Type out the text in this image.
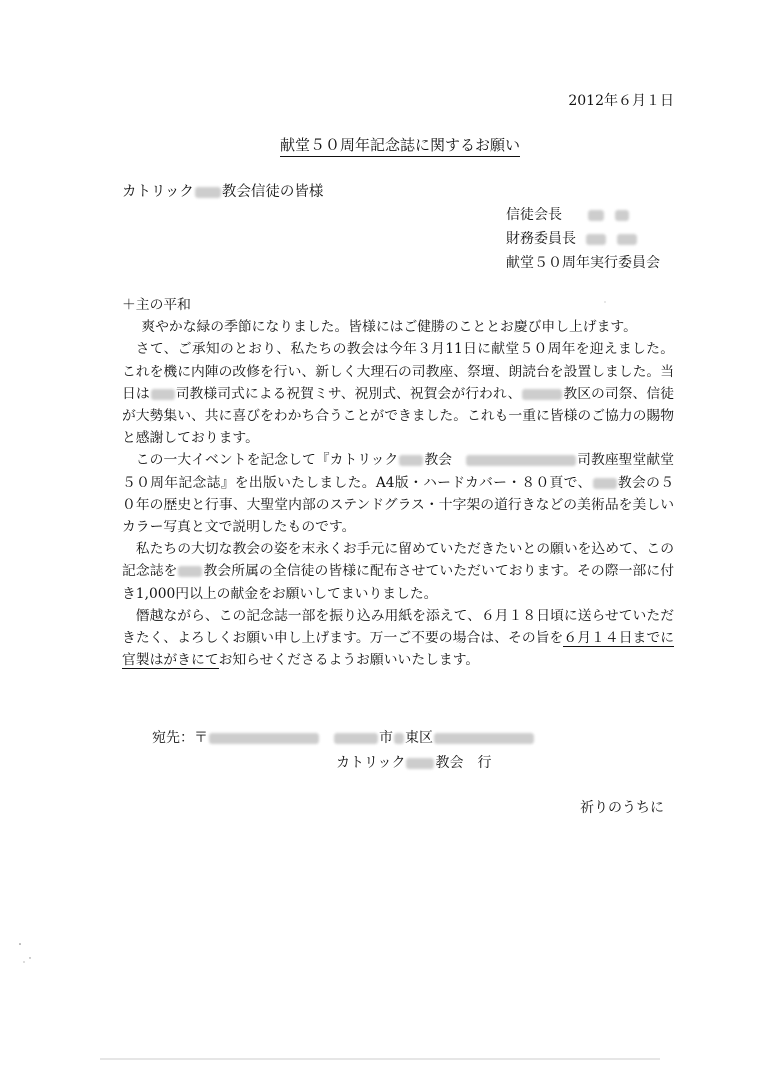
2012年６月１日
献堂５０周年記念誌に関するお願い
カトリック 教会信徒の皆様
信徒会長
財務委員長
献堂５０周年実行委員会

＋主の平和

爽やかな緑の季節になりました。皆様にはご健勝のこととお慶び申し上げます。

さて、ご承知のとおり、私たちの教会は今年３月11日に献堂５０周年を迎えました。これを機に内陣の改修を行い、新しく大理石の司教座、祭壇、朗読台を設置しました。当日は 司教様司式による祝賀ミサ、祝別式、祝賀会が行われ、	教区の司祭、信徒が大勢集い、共に喜びをわかち合うことができました。これも一重に皆様のご協力の賜物と感謝しております。

この一大イベントを記念して『カトリック 教会	司教座聖堂献堂５０周年記念誌』を出版いたしました。A4版・ハードカバー・８０頁で、 教会の５０年の歴史と行事、大聖堂内部のステンドグラス・十字架の道行きなどの美術品を美しいカラー写真と文で説明したものです。

私たちの大切な教会の姿を末永くお手元に留めていただきたいとの願いを込めて、この記念誌を 教会所属の全信徒の皆様に配布させていただいております。その際一部に付き1,000円以上の献金をお願いしてまいりました。

僭越ながら、この記念誌一部を振り込み用紙を添えて、６月１８日頃に送らせていただきたく、よろしくお願い申し上げます。万一ご不要の場合は、その旨を６月１４日までに官製はがきにてお知らせくださるようお願いいたします。

宛先：〒	市 東区
カトリック 教会　行
祈りのうちに
